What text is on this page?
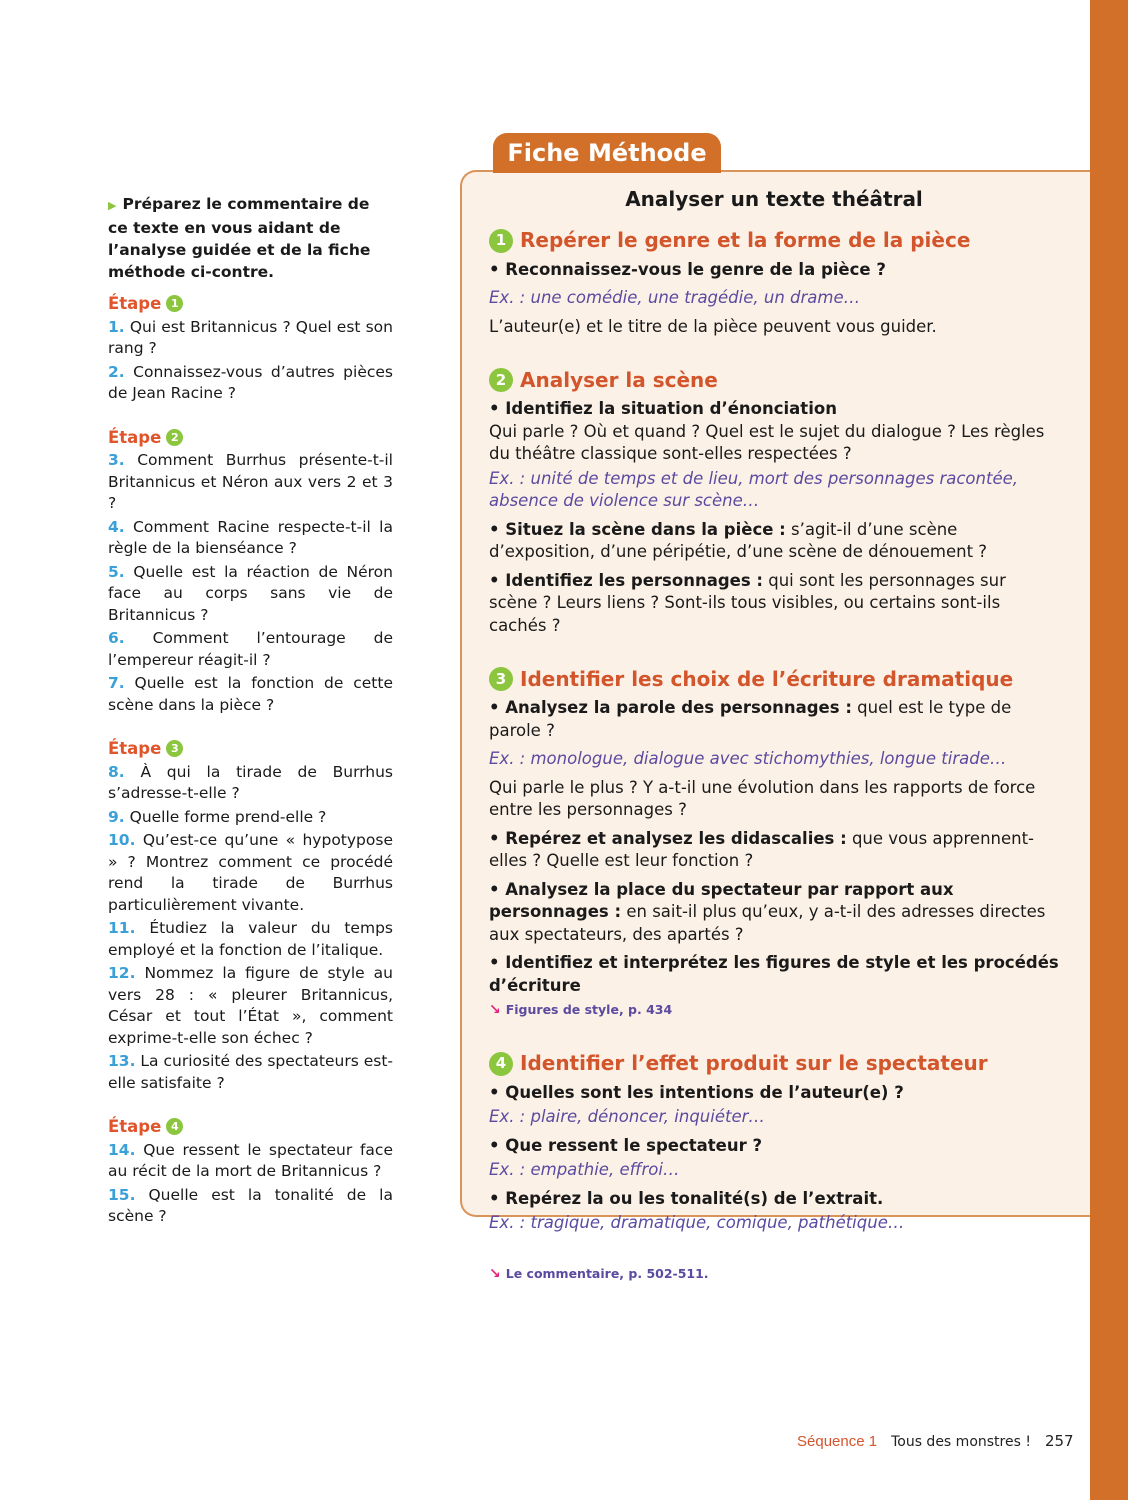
▶ Préparez le commentaire de ce texte en vous aidant de l’analyse guidée et de la fiche méthode ci-contre.

Étape 1

1. Qui est Britannicus ? Quel est son rang ?

2. Connaissez-vous d’autres pièces de Jean Racine ?

Étape 2

3. Comment Burrhus présente-t-il Britannicus et Néron aux vers 2 et 3 ?

4. Comment Racine respecte-t-il la règle de la bienséance ?

5. Quelle est la réaction de Néron face au corps sans vie de Britannicus ?

6. Comment l’entourage de l’empereur réagit-il ?

7. Quelle est la fonction de cette scène dans la pièce ?

Étape 3

8. À qui la tirade de Burrhus s’adresse-t-elle ?

9. Quelle forme prend-elle ?

10. Qu’est-ce qu’une « hypotypose » ? Montrez comment ce procédé rend la tirade de Burrhus particulièrement vivante.

11. Étudiez la valeur du temps employé et la fonction de l’italique.

12. Nommez la figure de style au vers 28 : « pleurer Britannicus, César et tout l’État », comment exprime-t-elle son échec ?

13. La curiosité des spectateurs est-elle satisfaite ?

Étape 4

14. Que ressent le spectateur face au récit de la mort de Britannicus ?

15. Quelle est la tonalité de la scène ?

Fiche Méthode

Analyser un texte théâtral

1 Repérer le genre et la forme de la pièce

• Reconnaissez-vous le genre de la pièce ?

Ex. : une comédie, une tragédie, un drame…

L’auteur(e) et le titre de la pièce peuvent vous guider.

2 Analyser la scène

• Identifiez la situation d’énonciation

Qui parle ? Où et quand ? Quel est le sujet du dialogue ? Les règles du théâtre classique sont-elles respectées ?

Ex. : unité de temps et de lieu, mort des personnages racontée, absence de violence sur scène…

• Situez la scène dans la pièce : s’agit-il d’une scène d’exposition, d’une péripétie, d’une scène de dénouement ?

• Identifiez les personnages : qui sont les personnages sur scène ? Leurs liens ? Sont-ils tous visibles, ou certains sont-ils cachés ?

3 Identifier les choix de l’écriture dramatique

• Analysez la parole des personnages : quel est le type de parole ?

Ex. : monologue, dialogue avec stichomythies, longue tirade…

Qui parle le plus ? Y a-t-il une évolution dans les rapports de force entre les personnages ?

• Repérez et analysez les didascalies : que vous apprennent-elles ? Quelle est leur fonction ?

• Analysez la place du spectateur par rapport aux personnages : en sait-il plus qu’eux, y a-t-il des adresses directes aux spectateurs, des apartés ?

• Identifiez et interprétez les figures de style et les procédés d’écriture

↘ Figures de style, p. 434

4 Identifier l’effet produit sur le spectateur

• Quelles sont les intentions de l’auteur(e) ?

Ex. : plaire, dénoncer, inquiéter…

• Que ressent le spectateur ?

Ex. : empathie, effroi…

• Repérez la ou les tonalité(s) de l’extrait.

Ex. : tragique, dramatique, comique, pathétique…

↘ Le commentaire, p. 502-511.

Séquence 1 Tous des monstres ! 257
